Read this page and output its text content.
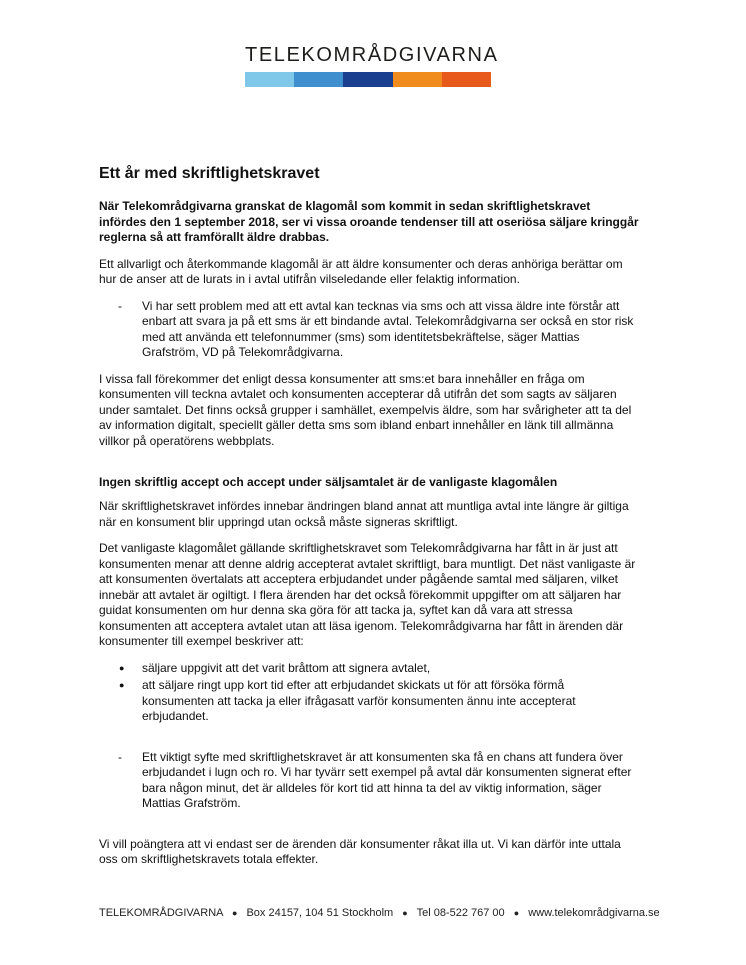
TELEKOMRÅDGIVARNA
Ett år med skriftlighetskravet

När Telekområdgivarna granskat de klagomål som kommit in sedan skriftlighetskravet infördes den 1 september 2018, ser vi vissa oroande tendenser till att oseriösa säljare kringgår reglerna så att framförallt äldre drabbas.

Ett allvarligt och återkommande klagomål är att äldre konsumenter och deras anhöriga berättar om hur de anser att de lurats in i avtal utifrån vilseledande eller felaktig information.

-	Vi har sett problem med att ett avtal kan tecknas via sms och att vissa äldre inte förstår att enbart att svara ja på ett sms är ett bindande avtal. Telekområdgivarna ser också en stor risk med att använda ett telefonnummer (sms) som identitetsbekräftelse, säger Mattias Grafström, VD på Telekområdgivarna.

I vissa fall förekommer det enligt dessa konsumenter att sms:et bara innehåller en fråga om konsumenten vill teckna avtalet och konsumenten accepterar då utifrån det som sagts av säljaren under samtalet. Det finns också grupper i samhället, exempelvis äldre, som har svårigheter att ta del av information digitalt, speciellt gäller detta sms som ibland enbart innehåller en länk till allmänna villkor på operatörens webbplats.

Ingen skriftlig accept och accept under säljsamtalet är de vanligaste klagomålen

När skriftlighetskravet infördes innebar ändringen bland annat att muntliga avtal inte längre är giltiga när en konsument blir uppringd utan också måste signeras skriftligt.

Det vanligaste klagomålet gällande skriftlighetskravet som Telekområdgivarna har fått in är just att konsumenten menar att denne aldrig accepterat avtalet skriftligt, bara muntligt. Det näst vanligaste är att konsumenten övertalats att acceptera erbjudandet under pågående samtal med säljaren, vilket innebär att avtalet är ogiltigt. I flera ärenden har det också förekommit uppgifter om att säljaren har guidat konsumenten om hur denna ska göra för att tacka ja, syftet kan då vara att stressa konsumenten att acceptera avtalet utan att läsa igenom. Telekområdgivarna har fått in ärenden där konsumenter till exempel beskriver att:

●	säljare uppgivit att det varit bråttom att signera avtalet,
●	att säljare ringt upp kort tid efter att erbjudandet skickats ut för att försöka förmå konsumenten att tacka ja eller ifrågasatt varför konsumenten ännu inte accepterat erbjudandet.
-	Ett viktigt syfte med skriftlighetskravet är att konsumenten ska få en chans att fundera över erbjudandet i lugn och ro. Vi har tyvärr sett exempel på avtal där konsumenten signerat efter bara någon minut, det är alldeles för kort tid att hinna ta del av viktig information, säger Mattias Grafström.

Vi vill poängtera att vi endast ser de ärenden där konsumenter råkat illa ut. Vi kan därför inte uttala oss om skriftlighetskravets totala effekter.

TELEKOMRÅDGIVARNA ● Box 24157, 104 51 Stockholm ● Tel 08-522 767 00 ● www.telekområdgivarna.se
